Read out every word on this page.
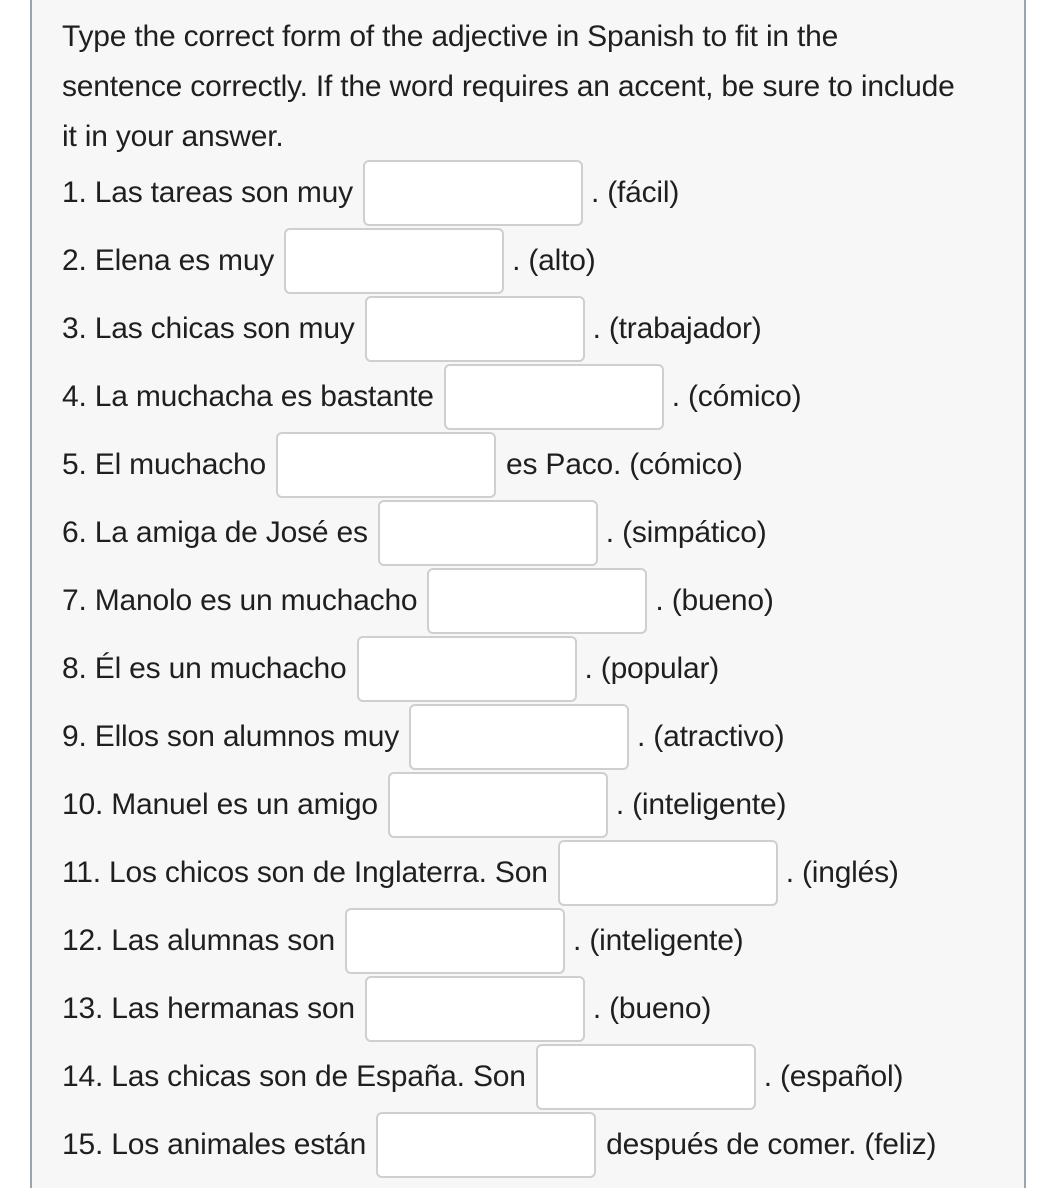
Type the correct form of the adjective in Spanish to fit in the sentence correctly. If the word requires an accent, be sure to include it in your answer.

1. Las tareas son muy	. (fácil)
2. Elena es muy	. (alto)
3. Las chicas son muy	. (trabajador)
4. La muchacha es bastante	. (cómico)
5. El muchacho	es Paco. (cómico)
6. La amiga de José es	. (simpático)
7. Manolo es un muchacho	. (bueno)
8. Él es un muchacho	. (popular)
9. Ellos son alumnos muy	. (atractivo)
10. Manuel es un amigo	. (inteligente)
11. Los chicos son de Inglaterra. Son	. (inglés)
12. Las alumnas son	. (inteligente)
13. Las hermanas son	. (bueno)
14. Las chicas son de España. Son	. (español)
15. Los animales están	después de comer. (feliz)
